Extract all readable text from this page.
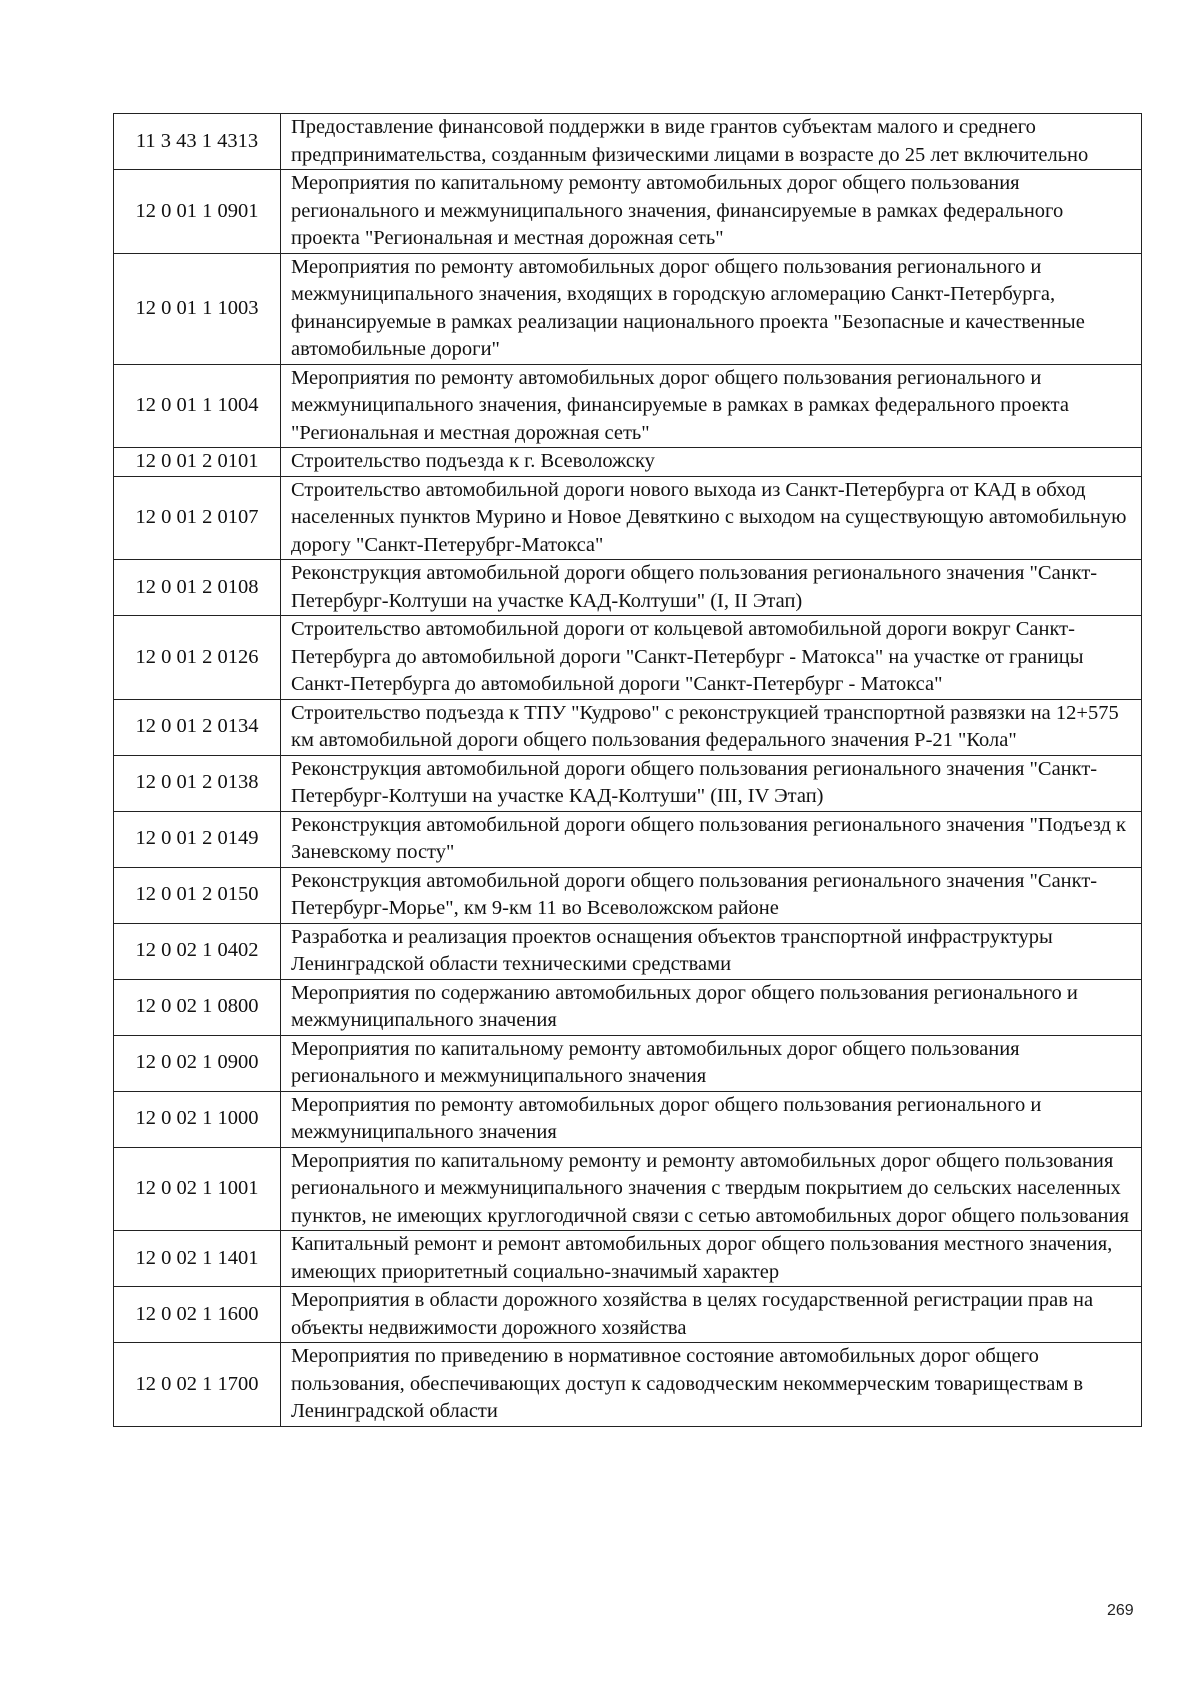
11 3 43 1 4313	Предоставление финансовой поддержки в виде грантов субъектам малого и среднего предпринимательства, созданным физическими лицами в возрасте до 25 лет включительно
12 0 01 1 0901	Мероприятия по капитальному ремонту автомобильных дорог общего пользования регионального и межмуниципального значения, финансируемые в рамках федерального проекта "Региональная и местная дорожная сеть"
12 0 01 1 1003	Мероприятия по ремонту автомобильных дорог общего пользования регионального и межмуниципального значения, входящих в городскую агломерацию Санкт-Петербурга, финансируемые в рамках реализации национального проекта "Безопасные и качественные автомобильные дороги"
12 0 01 1 1004	Мероприятия по ремонту автомобильных дорог общего пользования регионального и межмуниципального значения, финансируемые в рамках в рамках федерального проекта "Региональная и местная дорожная сеть"
12 0 01 2 0101	Строительство подъезда к г. Всеволожску
12 0 01 2 0107	Строительство автомобильной дороги нового выхода из Санкт-Петербурга от КАД в обход населенных пунктов Мурино и Новое Девяткино с выходом на существующую автомобильную дорогу "Санкт-Петерубрг-Матокса"
12 0 01 2 0108	Реконструкция автомобильной дороги общего пользования регионального значения "Санкт-Петербург-Колтуши на участке КАД-Колтуши" (I, II Этап)
12 0 01 2 0126	Строительство автомобильной дороги от кольцевой автомобильной дороги вокруг Санкт-Петербурга до автомобильной дороги "Санкт-Петербург - Матокса" на участке от границы Санкт-Петербурга до автомобильной дороги "Санкт-Петербург - Матокса"
12 0 01 2 0134	Строительство подъезда к ТПУ "Кудрово" с реконструкцией транспортной развязки на 12+575 км автомобильной дороги общего пользования федерального значения Р-21 "Кола"
12 0 01 2 0138	Реконструкция автомобильной дороги общего пользования регионального значения "Санкт-Петербург-Колтуши на участке КАД-Колтуши" (III, IV Этап)
12 0 01 2 0149	Реконструкция автомобильной дороги общего пользования регионального значения "Подъезд к Заневскому посту"
12 0 01 2 0150	Реконструкция автомобильной дороги общего пользования регионального значения "Санкт-Петербург-Морье", км 9-км 11 во Всеволожском районе
12 0 02 1 0402	Разработка и реализация проектов оснащения объектов транспортной инфраструктуры Ленинградской области техническими средствами
12 0 02 1 0800	Мероприятия по содержанию автомобильных дорог общего пользования регионального и межмуниципального значения
12 0 02 1 0900	Мероприятия по капитальному ремонту автомобильных дорог общего пользования регионального и межмуниципального значения
12 0 02 1 1000	Мероприятия по ремонту автомобильных дорог общего пользования регионального и межмуниципального значения
12 0 02 1 1001	Мероприятия по капитальному ремонту и ремонту автомобильных дорог общего пользования регионального и межмуниципального значения с твердым покрытием до сельских населенных пунктов, не имеющих круглогодичной связи с сетью автомобильных дорог общего пользования
12 0 02 1 1401	Капитальный ремонт и ремонт автомобильных дорог общего пользования местного значения, имеющих приоритетный социально-значимый характер
12 0 02 1 1600	Мероприятия в области дорожного хозяйства в целях государственной регистрации прав на объекты недвижимости дорожного хозяйства
12 0 02 1 1700	Мероприятия по приведению в нормативное состояние автомобильных дорог общего пользования, обеспечивающих доступ к садоводческим некоммерческим товариществам в Ленинградской области
269
